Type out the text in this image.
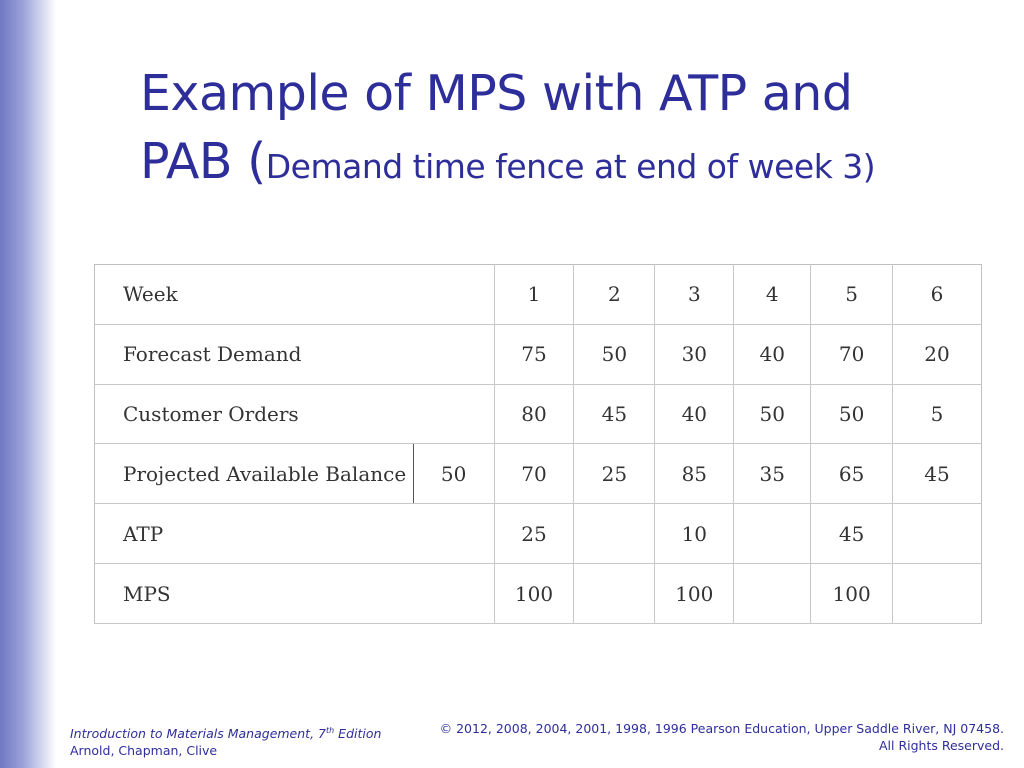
Example of MPS with ATP and
PAB (Demand time fence at end of week 3)
Week		1	2	3	4	5	6
Forecast Demand		75	50	30	40	70	20
Customer Orders		80	45	40	50	50	5
Projected Available Balance	50	70	25	85	35	65	45
ATP		25		10		45	
MPS		100		100		100	
Introduction to Materials Management, 7th Edition
Arnold, Chapman, Clive
© 2012, 2008, 2004, 2001, 1998, 1996 Pearson Education, Upper Saddle River, NJ 07458.
All Rights Reserved.
